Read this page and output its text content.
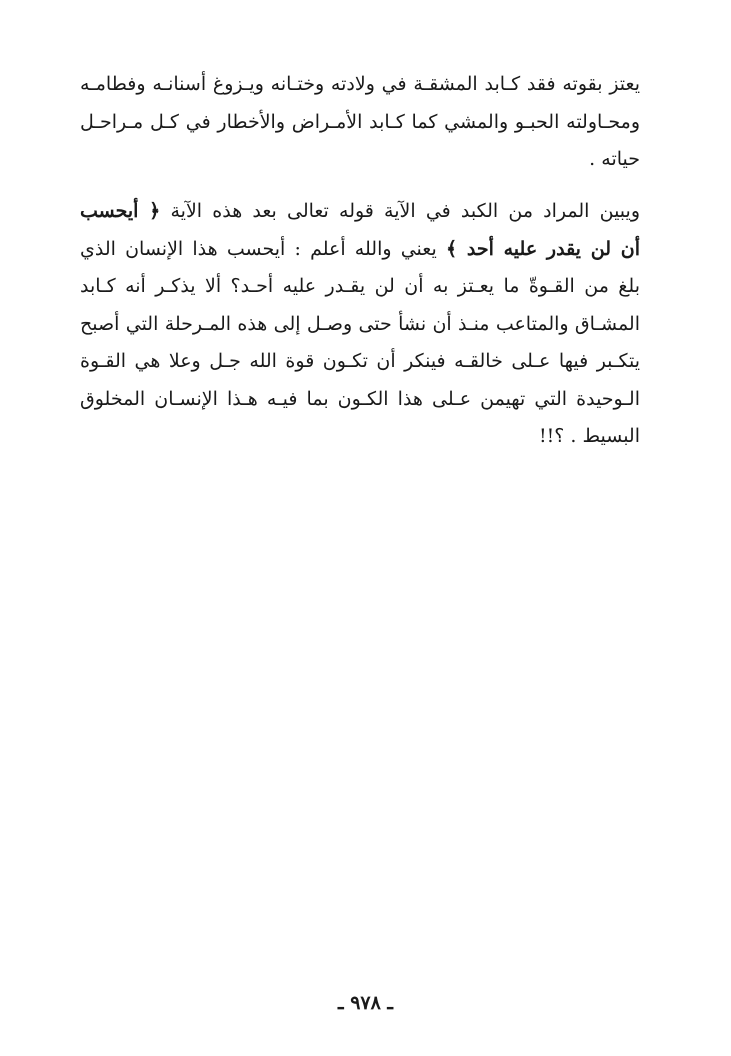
يعتز بقوته فقد كـابد المشقـة في ولادته وختـانه ويـزوغ أسنانـه وفطامـه
ومحـاولته الحبـو والمشي كما كـابد الأمـراض والأخطار في كـل مـراحـل
حياته .
ويبين المراد من الكبد في الآية قوله تعالى بعد هذه الآية ﴿ أيحسب
أن لن يقدر عليه أحد ﴾ يعني والله أعلم : أيحسب هذا الإنسان الذي
بلغ من القـوةّ ما يعـتز به أن لن يقـدر عليه أحـد؟ ألا يذكـر أنه كـابد
المشـاق والمتاعب منـذ أن نشأ حتى وصـل إلى هذه المـرحلة التي أصبح
يتكـبر فيها عـلى خالقـه فينكر أن تكـون قوة الله جـل وعلا هي القـوة
الـوحيدة التي تهيمن عـلى هذا الكـون بما فيـه هـذا الإنسـان المخلوق
البسيط . ؟!!
ـ ٩٧٨ ـ
